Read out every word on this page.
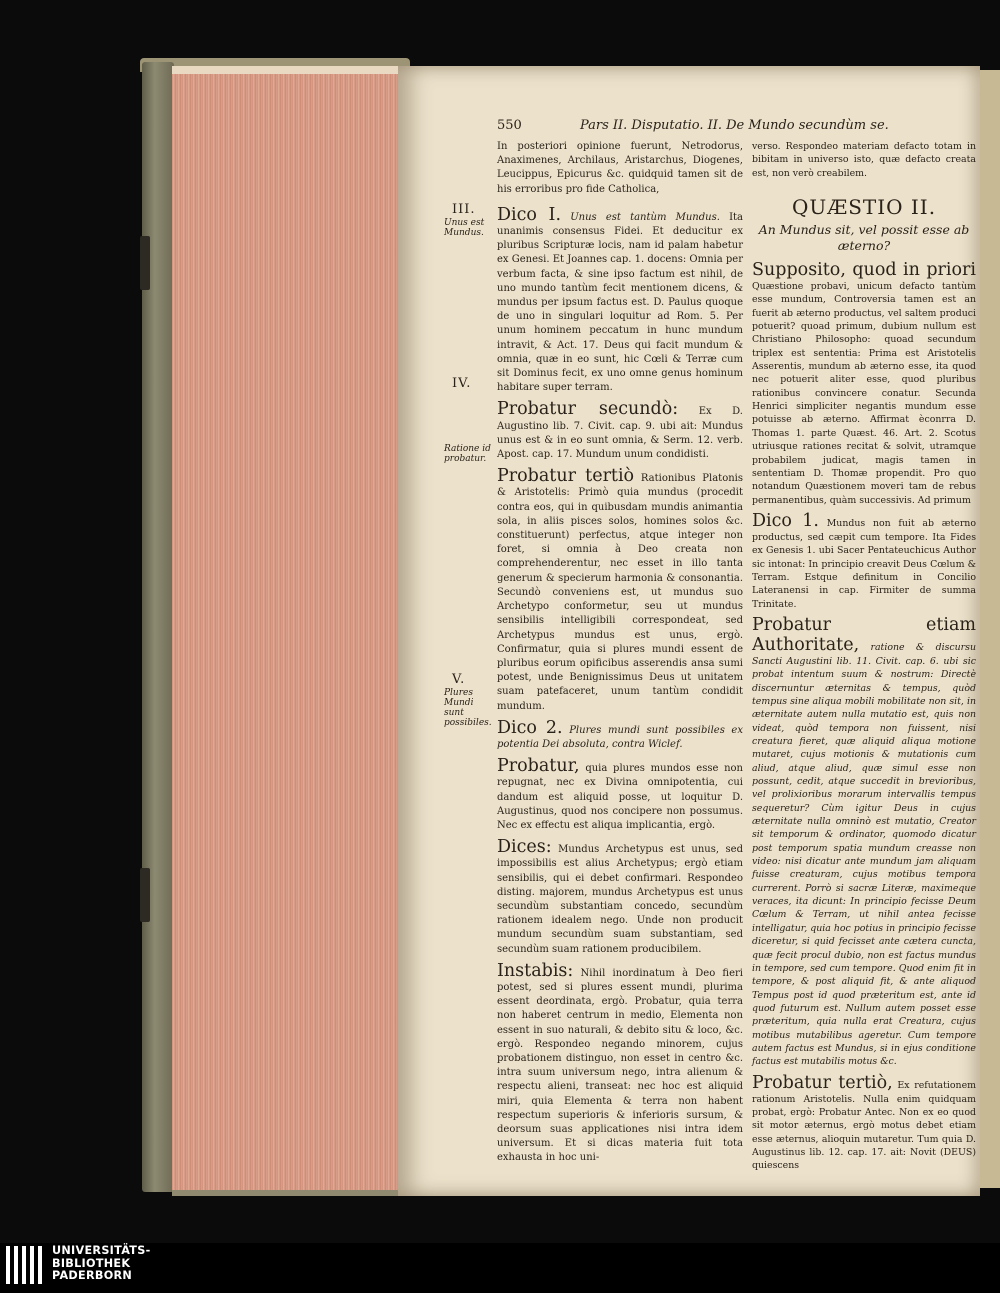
550	Pars II. Disputatio. II. De Mundo secundùm se.
III.
Unus est Mundus.
IV.
Ratione id probatur.
V.
Plures Mundi sunt possibiles.

In posteriori opinione fuerunt, Netrodorus, Anaximenes, Archilaus, Aristarchus, Diogenes, Leucippus, Epicurus &c. quidquid tamen sit de his erroribus pro fide Catholica,

Dico I. Unus est tantùm Mundus. Ita unanimis consensus Fidei. Et deducitur ex pluribus Scripturæ locis, nam id palam habetur ex Genesi. Et Joannes cap. 1. docens: Omnia per verbum facta, & sine ipso factum est nihil, de uno mundo tantùm fecit mentionem dicens, & mundus per ipsum factus est. D. Paulus quoque de uno in singulari loquitur ad Rom. 5. Per unum hominem peccatum in hunc mundum intravit, & Act. 17. Deus qui facit mundum & omnia, quæ in eo sunt, hic Cœli & Terræ cum sit Dominus fecit, ex uno omne genus hominum habitare super terram.

Probatur secundò: Ex D. Augustino lib. 7. Civit. cap. 9. ubi ait: Mundus unus est & in eo sunt omnia, & Serm. 12. verb. Apost. cap. 17. Mundum unum condidisti.

Probatur tertiò Rationibus Platonis & Aristotelis: Primò quia mundus (procedit contra eos, qui in quibusdam mundis animantia sola, in aliis pisces solos, homines solos &c. constituerunt) perfectus, atque integer non foret, si omnia à Deo creata non comprehenderentur, nec esset in illo tanta generum & specierum harmonia & consonantia. Secundò conveniens est, ut mundus suo Archetypo conformetur, seu ut mundus sensibilis intelligibili correspondeat, sed Archetypus mundus est unus, ergò. Confirmatur, quia si plures mundi essent de pluribus eorum opificibus asserendis ansa sumi potest, unde Benignissimus Deus ut unitatem suam patefaceret, unum tantùm condidit mundum.

Dico 2. Plures mundi sunt possibiles ex potentia Dei absoluta, contra Wiclef.

Probatur, quia plures mundos esse non repugnat, nec ex Divina omnipotentia, cui dandum est aliquid posse, ut loquitur D. Augustinus, quod nos concipere non possumus. Nec ex effectu est aliqua implicantia, ergò.

Dices: Mundus Archetypus est unus, sed impossibilis est alius Archetypus; ergò etiam sensibilis, qui ei debet confirmari. Respondeo disting. majorem, mundus Archetypus est unus secundùm substantiam concedo, secundùm rationem idealem nego. Unde non producit mundum secundùm suam substantiam, sed secundùm suam rationem producibilem.

Instabis: Nihil inordinatum à Deo fieri potest, sed si plures essent mundi, plurima essent deordinata, ergò. Probatur, quia terra non haberet centrum in medio, Elementa non essent in suo naturali, & debito situ & loco, &c. ergò. Respondeo negando minorem, cujus probationem distinguo, non esset in centro &c. intra suum universum nego, intra alienum & respectu alieni, transeat: nec hoc est aliquid miri, quia Elementa & terra non habent respectum superioris & inferioris sursum, & deorsum suas applicationes nisi intra idem universum. Et si dicas materia fuit tota exhausta in hoc uni-

verso. Respondeo materiam defacto totam in bibitam in universo isto, quæ defacto creata est, non verò creabilem.

QUÆSTIO II.
An Mundus sit, vel possit esse ab æterno?

Supposito, quod in priori Quæstione probavi, unicum defacto tantùm esse mundum, Controversia tamen est an fuerit ab æterno productus, vel saltem produci potuerit? quoad primum, dubium nullum est Christiano Philosopho: quoad secundum triplex est sententia: Prima est Aristotelis Asserentis, mundum ab æterno esse, ita quod nec potuerit aliter esse, quod pluribus rationibus convincere conatur. Secunda Henrici simpliciter negantis mundum esse potuisse ab æterno. Affirmat èconrra D. Thomas 1. parte Quæst. 46. Art. 2. Scotus utriusque rationes recitat & solvit, utramque probabilem judicat, magis tamen in sententiam D. Thomæ propendit. Pro quo notandum Quæstionem moveri tam de rebus permanentibus, quàm successivis. Ad primum

Dico 1. Mundus non fuit ab æterno productus, sed cæpit cum tempore. Ita Fides ex Genesis 1. ubi Sacer Pentateuchicus Author sic intonat: In principio creavit Deus Cœlum & Terram. Estque definitum in Concilio Lateranensi in cap. Firmiter de summa Trinitate.

Probatur etiam Authoritate, ratione & discursu Sancti Augustini lib. 11. Civit. cap. 6. ubi sic probat intentum suum & nostrum: Directè discernuntur æternitas & tempus, quòd tempus sine aliqua mobili mobilitate non sit, in æternitate autem nulla mutatio est, quis non videat, quòd tempora non fuissent, nisi creatura fieret, quæ aliquid aliqua motione mutaret, cujus motionis & mutationis cum aliud, atque aliud, quæ simul esse non possunt, cedit, atque succedit in brevioribus, vel prolixioribus morarum intervallis tempus sequeretur? Cùm igitur Deus in cujus æternitate nulla omninò est mutatio, Creator sit temporum & ordinator, quomodo dicatur post temporum spatia mundum creasse non video: nisi dicatur ante mundum jam aliquam fuisse creaturam, cujus motibus tempora currerent. Porrò si sacræ Literæ, maximeque veraces, ita dicunt: In principio fecisse Deum Cœlum & Terram, ut nihil antea fecisse intelligatur, quia hoc potius in principio fecisse diceretur, si quid fecisset ante cætera cuncta, quæ fecit procul dubio, non est factus mundus in tempore, sed cum tempore. Quod enim fit in tempore, & post aliquid fit, & ante aliquod Tempus post id quod præteritum est, ante id quod futurum est. Nullum autem posset esse præteritum, quia nulla erat Creatura, cujus motibus mutabilibus ageretur. Cum tempore autem factus est Mundus, si in ejus conditione factus est mutabilis motus &c.

Probatur tertiò, Ex refutationem rationum Aristotelis. Nulla enim quidquam probat, ergò: Probatur Antec. Non ex eo quod sit motor æternus, ergò motus debet etiam esse æternus, alioquin mutaretur. Tum quia D. Augustinus lib. 12. cap. 17. ait: Novit (DEUS) quiescens

UNIVERSITÄTS-
BIBLIOTHEK
PADERBORN
